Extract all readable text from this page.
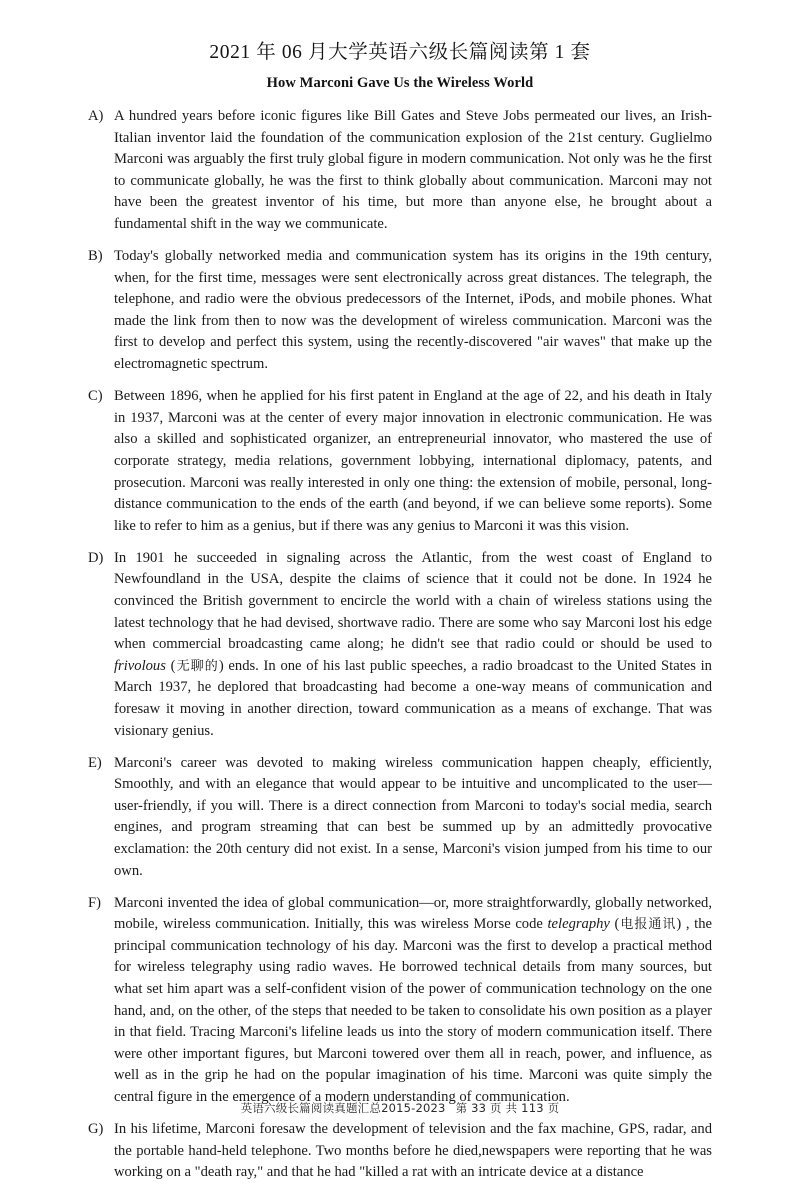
2021 年 06 月大学英语六级长篇阅读第 1 套
How Marconi Gave Us the Wireless World
A) A hundred years before iconic figures like Bill Gates and Steve Jobs permeated our lives, an Irish-Italian inventor laid the foundation of the communication explosion of the 21st century. Guglielmo Marconi was arguably the first truly global figure in modern communication. Not only was he the first to communicate globally, he was the first to think globally about communication. Marconi may not have been the greatest inventor of his time, but more than anyone else, he brought about a fundamental shift in the way we communicate.
B) Today's globally networked media and communication system has its origins in the 19th century, when, for the first time, messages were sent electronically across great distances. The telegraph, the telephone, and radio were the obvious predecessors of the Internet, iPods, and mobile phones. What made the link from then to now was the development of wireless communication. Marconi was the first to develop and perfect this system, using the recently-discovered "air waves" that make up the electromagnetic spectrum.
C) Between 1896, when he applied for his first patent in England at the age of 22, and his death in Italy in 1937, Marconi was at the center of every major innovation in electronic communication. He was also a skilled and sophisticated organizer, an entrepreneurial innovator, who mastered the use of corporate strategy, media relations, government lobbying, international diplomacy, patents, and prosecution. Marconi was really interested in only one thing: the extension of mobile, personal, long-distance communication to the ends of the earth (and beyond, if we can believe some reports). Some like to refer to him as a genius, but if there was any genius to Marconi it was this vision.
D) In 1901 he succeeded in signaling across the Atlantic, from the west coast of England to Newfoundland in the USA, despite the claims of science that it could not be done. In 1924 he convinced the British government to encircle the world with a chain of wireless stations using the latest technology that he had devised, shortwave radio. There are some who say Marconi lost his edge when commercial broadcasting came along; he didn't see that radio could or should be used to frivolous (无聊的) ends. In one of his last public speeches, a radio broadcast to the United States in March 1937, he deplored that broadcasting had become a one-way means of communication and foresaw it moving in another direction, toward communication as a means of exchange. That was visionary genius.
E) Marconi's career was devoted to making wireless communication happen cheaply, efficiently, Smoothly, and with an elegance that would appear to be intuitive and uncomplicated to the user—user-friendly, if you will. There is a direct connection from Marconi to today's social media, search engines, and program streaming that can best be summed up by an admittedly provocative exclamation: the 20th century did not exist. In a sense, Marconi's vision jumped from his time to our own.
F) Marconi invented the idea of global communication—or, more straightforwardly, globally networked, mobile, wireless communication. Initially, this was wireless Morse code telegraphy (电报通讯) , the principal communication technology of his day. Marconi was the first to develop a practical method for wireless telegraphy using radio waves. He borrowed technical details from many sources, but what set him apart was a self-confident vision of the power of communication technology on the one hand, and, on the other, of the steps that needed to be taken to consolidate his own position as a player in that field. Tracing Marconi's lifeline leads us into the story of modern communication itself. There were other important figures, but Marconi towered over them all in reach, power, and influence, as well as in the grip he had on the popular imagination of his time. Marconi was quite simply the central figure in the emergence of a modern understanding of communication.
G) In his lifetime, Marconi foresaw the development of television and the fax machine, GPS, radar, and the portable hand-held telephone. Two months before he died,newspapers were reporting that he was working on a "death ray," and that he had "killed a rat with an intricate device at a distance
英语六级长篇阅读真题汇总2015-2023 第 33 页 共 113 页
